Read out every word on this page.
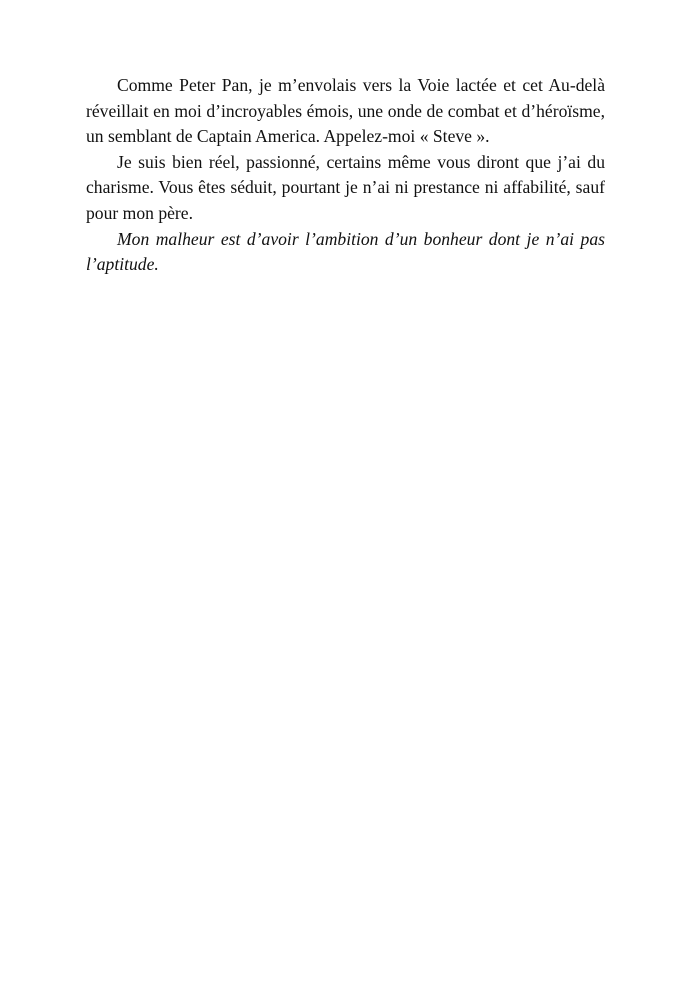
Comme Peter Pan, je m’envolais vers la Voie lactée et cet Au-delà réveillait en moi d’incroyables émois, une onde de combat et d’héroïsme, un semblant de Captain America. Appelez-moi « Steve ».

Je suis bien réel, passionné, certains même vous diront que j’ai du charisme. Vous êtes séduit, pourtant je n’ai ni prestance ni affabilité, sauf pour mon père.

Mon malheur est d’avoir l’ambition d’un bonheur dont je n’ai pas l’aptitude.
